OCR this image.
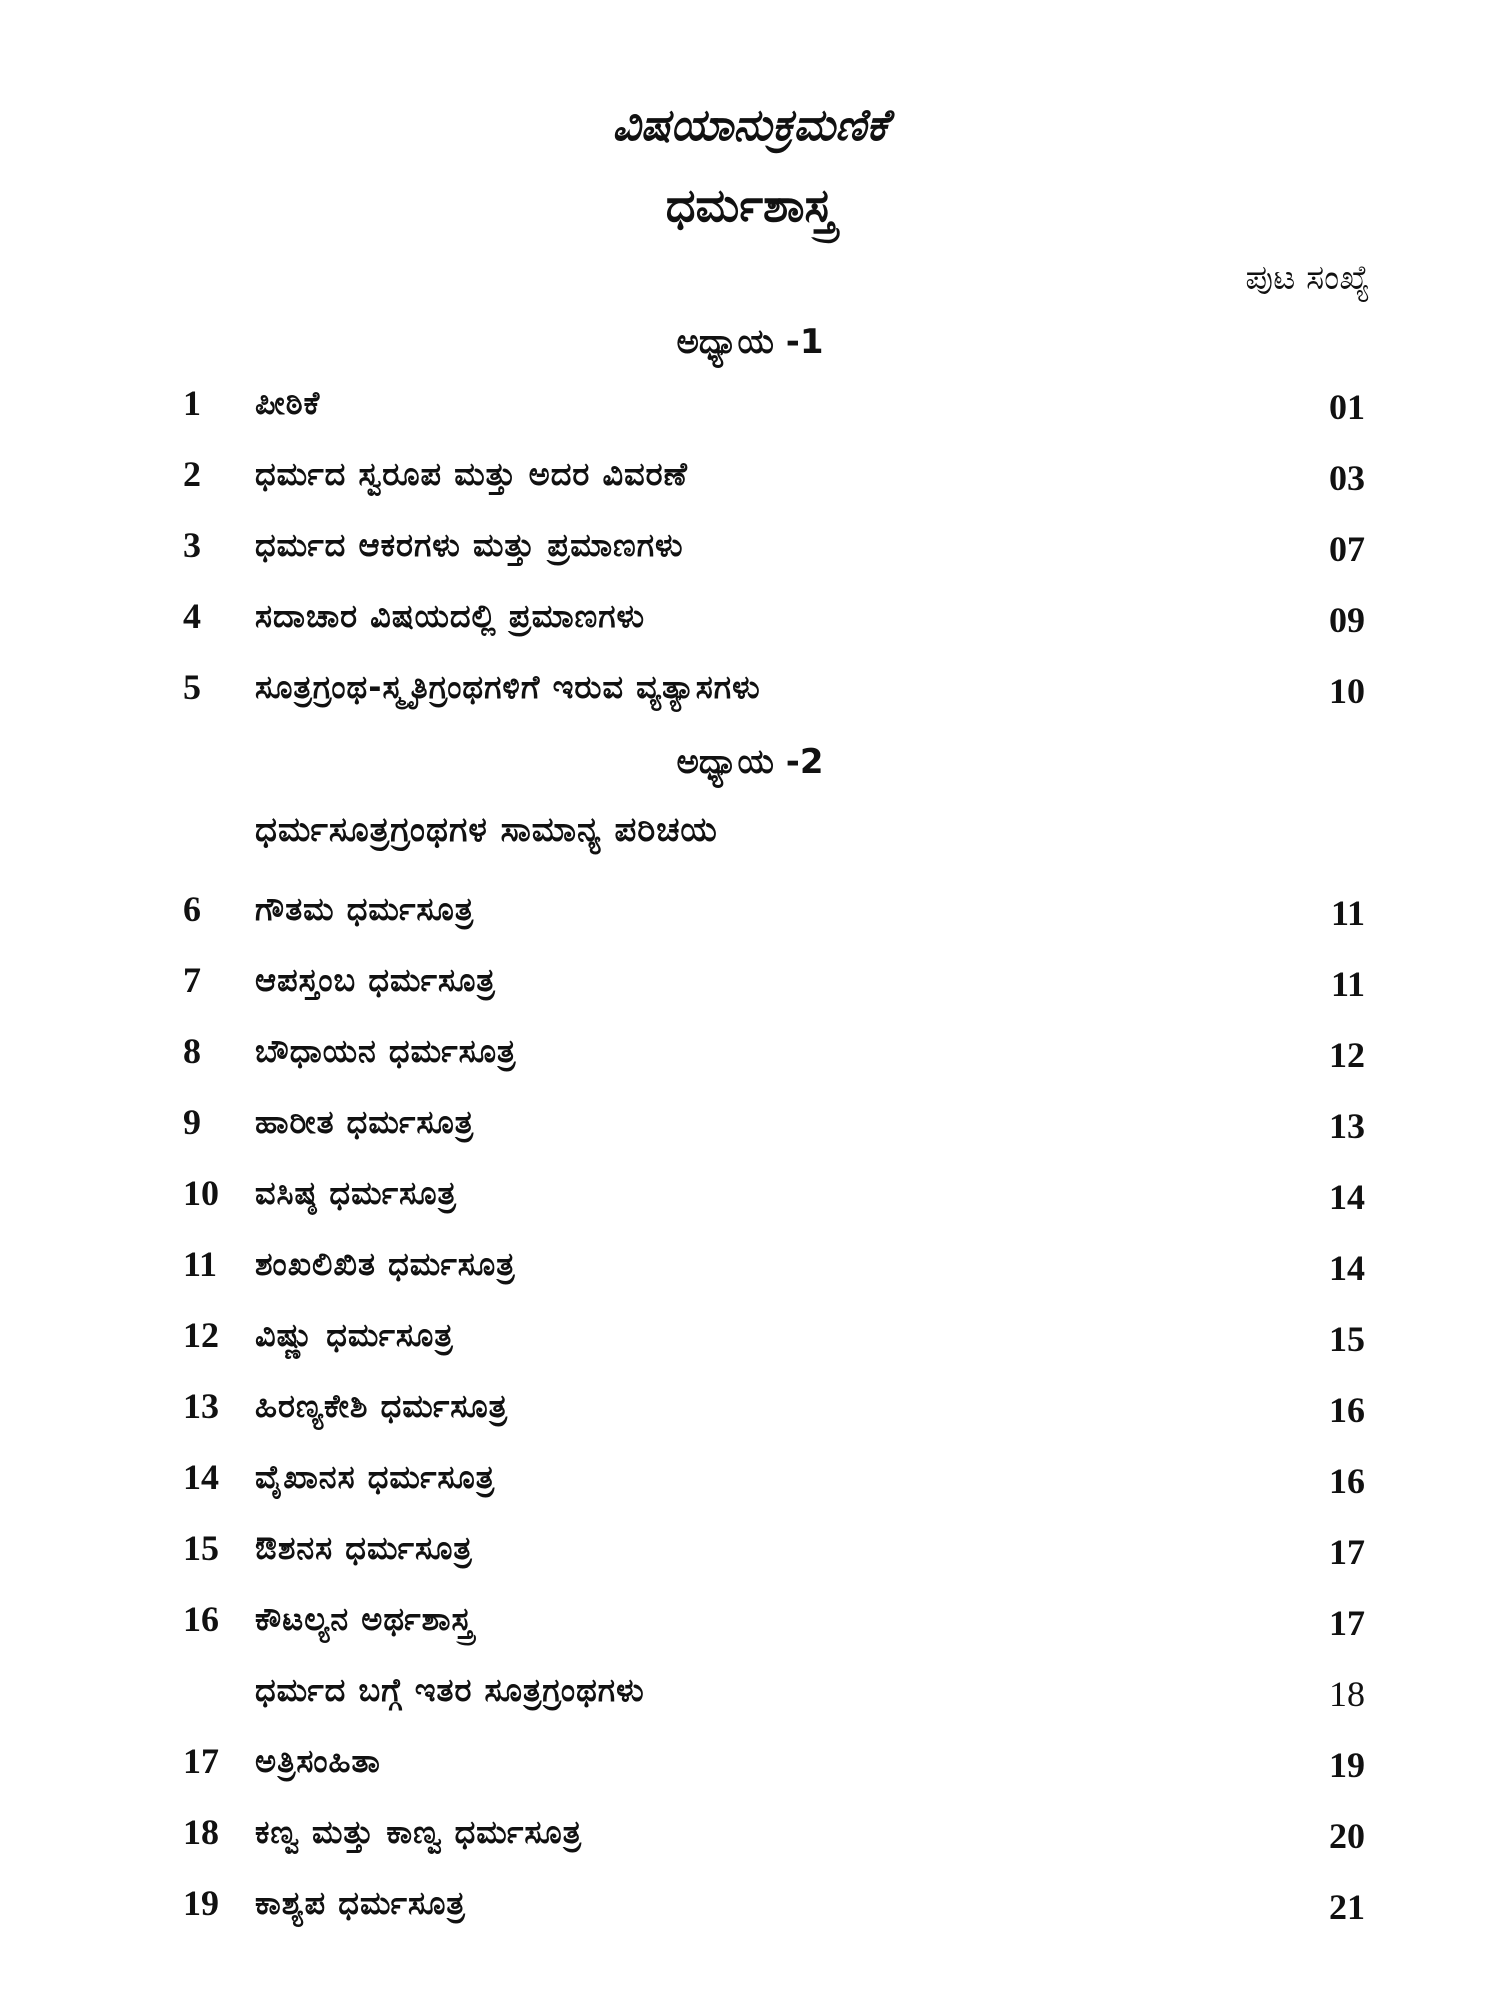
ವಿಷಯಾನುಕ್ರಮಣಿಕೆ
ಧರ್ಮಶಾಸ್ತ್ರ
ಪುಟ ಸಂಖ್ಯೆ
ಅಧ್ಯಾಯ -1
1 ಪೀಠಿಕೆ	01
2 ಧರ್ಮದ ಸ್ವರೂಪ ಮತ್ತು ಅದರ ವಿವರಣೆ	03
3 ಧರ್ಮದ ಆಕರಗಳು ಮತ್ತು ಪ್ರಮಾಣಗಳು	07
4 ಸದಾಚಾರ ವಿಷಯದಲ್ಲಿ ಪ್ರಮಾಣಗಳು	09
5 ಸೂತ್ರಗ್ರಂಥ-ಸ್ಮೃತಿಗ್ರಂಥಗಳಿಗೆ ಇರುವ ವ್ಯತ್ಯಾಸಗಳು	10
ಅಧ್ಯಾಯ -2
ಧರ್ಮಸೂತ್ರಗ್ರಂಥಗಳ ಸಾಮಾನ್ಯ ಪರಿಚಯ
6 ಗೌತಮ ಧರ್ಮಸೂತ್ರ	11
7 ಆಪಸ್ತಂಬ ಧರ್ಮಸೂತ್ರ	11
8 ಬೌಧಾಯನ ಧರ್ಮಸೂತ್ರ	12
9 ಹಾರೀತ ಧರ್ಮಸೂತ್ರ	13
10 ವಸಿಷ್ಠ ಧರ್ಮಸೂತ್ರ	14
11 ಶಂಖಲಿಖಿತ ಧರ್ಮಸೂತ್ರ	14
12 ವಿಷ್ಣು ಧರ್ಮಸೂತ್ರ	15
13 ಹಿರಣ್ಯಕೇಶಿ ಧರ್ಮಸೂತ್ರ	16
14 ವೈಖಾನಸ ಧರ್ಮಸೂತ್ರ	16
15 ಔಶನಸ ಧರ್ಮಸೂತ್ರ	17
16 ಕೌಟಲ್ಯನ ಅರ್ಥಶಾಸ್ತ್ರ	17
ಧರ್ಮದ ಬಗ್ಗೆ ಇತರ ಸೂತ್ರಗ್ರಂಥಗಳು	18
17 ಅತ್ರಿಸಂಹಿತಾ	19
18 ಕಣ್ವ ಮತ್ತು ಕಾಣ್ವ ಧರ್ಮಸೂತ್ರ	20
19 ಕಾಶ್ಯಪ ಧರ್ಮಸೂತ್ರ	21
